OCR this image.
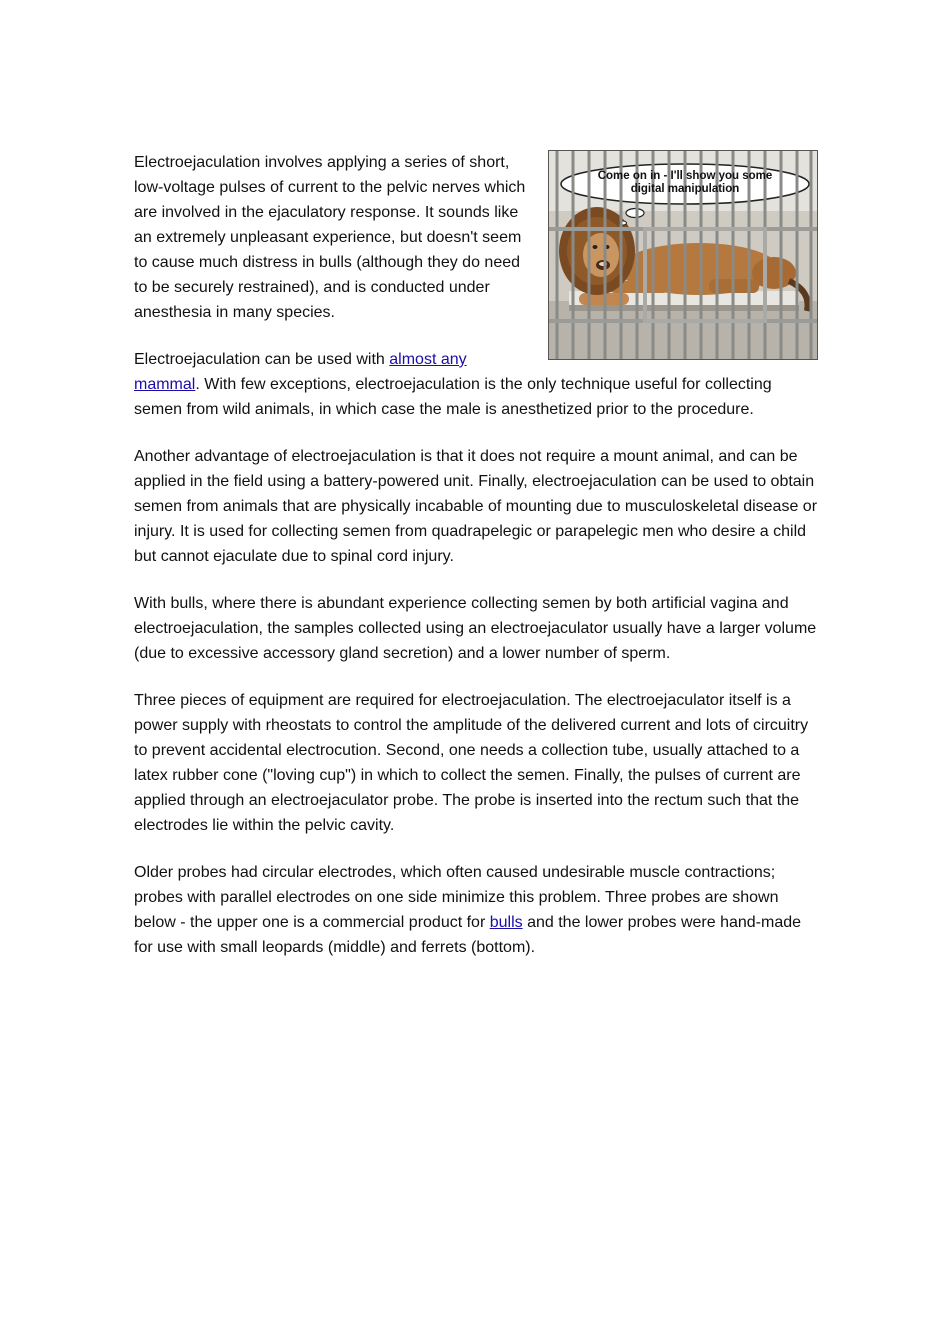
Come on in - I'll show you some digital manipulation

Electroejaculation involves applying a series of short, low-voltage pulses of current to the pelvic nerves which are involved in the ejaculatory response. It sounds like an extremely unpleasant experience, but doesn't seem to cause much distress in bulls (although they do need to be securely restrained), and is conducted under anesthesia in many species.

Electroejaculation can be used with almost any mammal. With few exceptions, electroejaculation is the only technique useful for collecting semen from wild animals, in which case the male is anesthetized prior to the procedure.

Another advantage of electroejaculation is that it does not require a mount animal, and can be applied in the field using a battery-powered unit. Finally, electroejaculation can be used to obtain semen from animals that are physically incabable of mounting due to musculoskeletal disease or injury. It is used for collecting semen from quadrapelegic or parapelegic men who desire a child but cannot ejaculate due to spinal cord injury.

With bulls, where there is abundant experience collecting semen by both artificial vagina and electroejaculation, the samples collected using an electroejaculator usually have a larger volume (due to excessive accessory gland secretion) and a lower number of sperm.

Three pieces of equipment are required for electroejaculation. The electroejaculator itself is a power supply with rheostats to control the amplitude of the delivered current and lots of circuitry to prevent accidental electrocution. Second, one needs a collection tube, usually attached to a latex rubber cone ("loving cup") in which to collect the semen. Finally, the pulses of current are applied through an electroejaculator probe. The probe is inserted into the rectum such that the electrodes lie within the pelvic cavity.

Older probes had circular electrodes, which often caused undesirable muscle contractions; probes with parallel electrodes on one side minimize this problem. Three probes are shown below - the upper one is a commercial product for bulls and the lower probes were hand-made for use with small leopards (middle) and ferrets (bottom).
